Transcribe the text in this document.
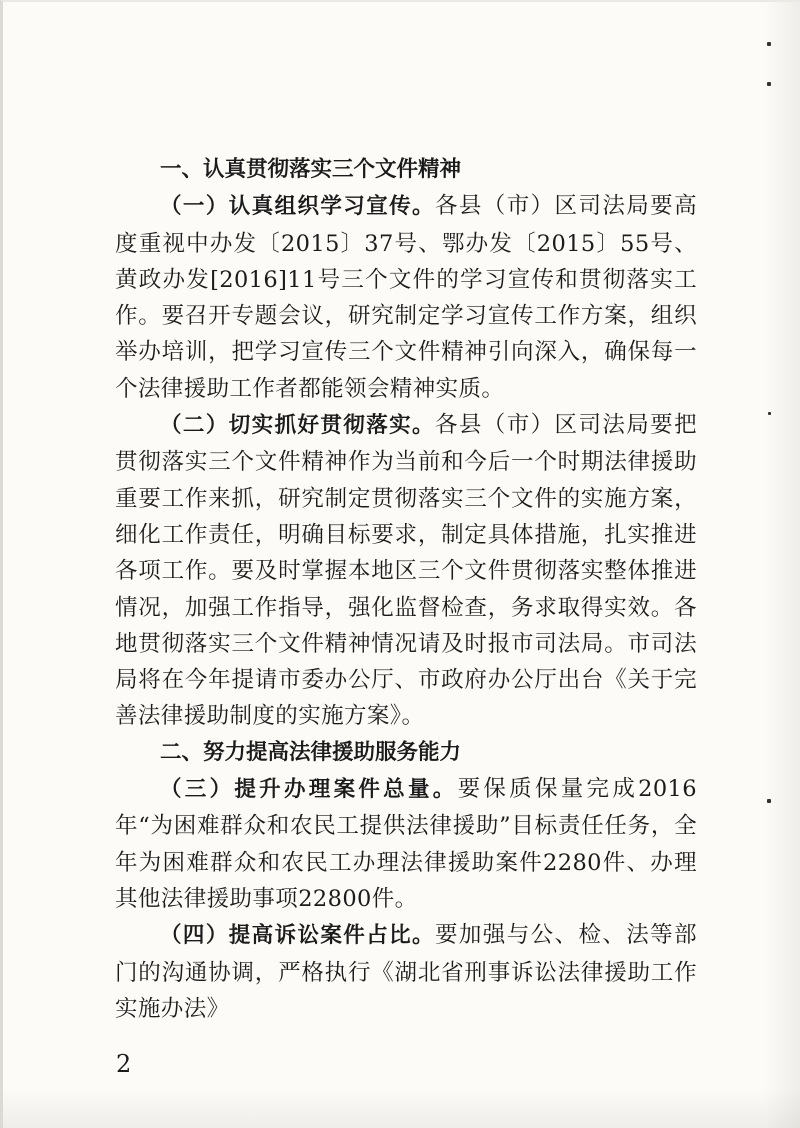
一、认真贯彻落实三个文件精神

（一）认真组织学习宣传。各县（市）区司法局要高度重视中办发〔2015〕37号、鄂办发〔2015〕55号、黄政办发[2016]11号三个文件的学习宣传和贯彻落实工作。要召开专题会议，研究制定学习宣传工作方案，组织举办培训，把学习宣传三个文件精神引向深入，确保每一个法律援助工作者都能领会精神实质。

（二）切实抓好贯彻落实。各县（市）区司法局要把贯彻落实三个文件精神作为当前和今后一个时期法律援助重要工作来抓，研究制定贯彻落实三个文件的实施方案，细化工作责任，明确目标要求，制定具体措施，扎实推进各项工作。要及时掌握本地区三个文件贯彻落实整体推进情况，加强工作指导，强化监督检查，务求取得实效。各地贯彻落实三个文件精神情况请及时报市司法局。市司法局将在今年提请市委办公厅、市政府办公厅出台《关于完善法律援助制度的实施方案》。

二、努力提高法律援助服务能力

（三）提升办理案件总量。要保质保量完成2016年“为困难群众和农民工提供法律援助”目标责任任务，全年为困难群众和农民工办理法律援助案件2280件、办理其他法律援助事项22800件。

（四）提高诉讼案件占比。要加强与公、检、法等部门的沟通协调，严格执行《湖北省刑事诉讼法律援助工作实施办法》

2
